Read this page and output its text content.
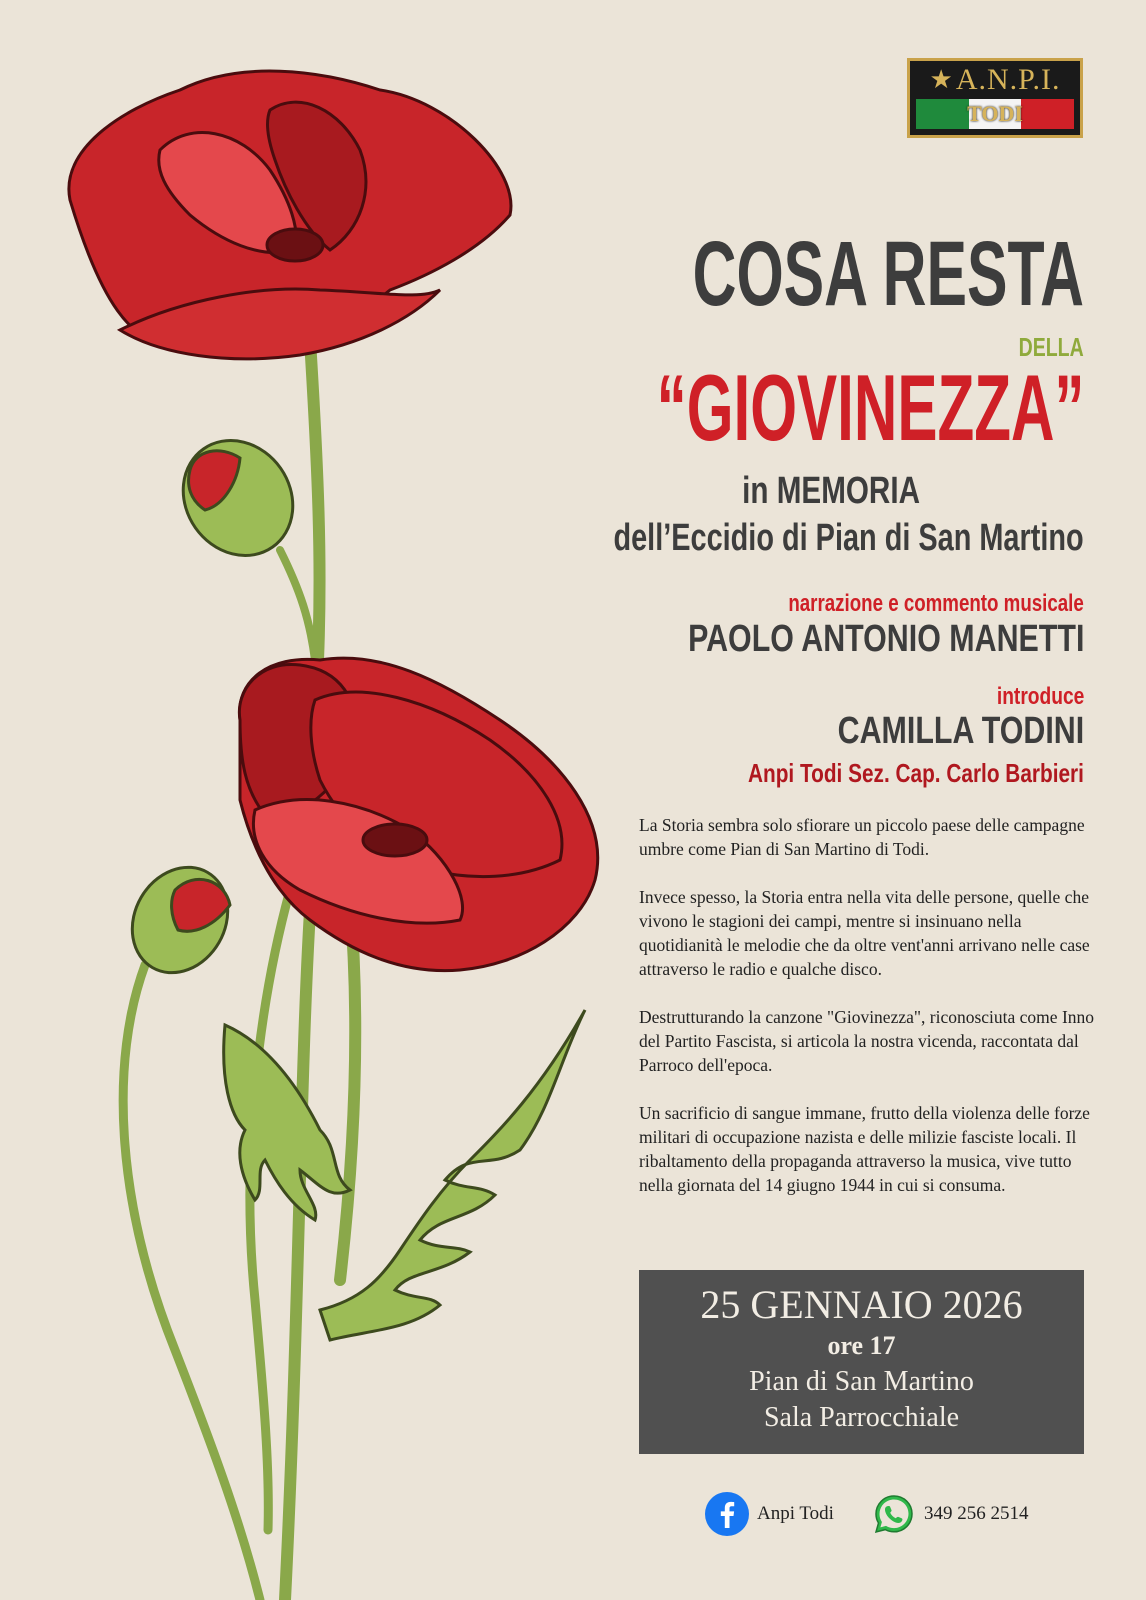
★ A.N.P.I.
TODI
COSA RESTA
DELLA
“GIOVINEZZA”
in MEMORIA
dell’Eccidio di Pian di San Martino
narrazione e commento musicale
PAOLO ANTONIO MANETTI
introduce
CAMILLA TODINI
Anpi Todi Sez. Cap. Carlo Barbieri

La Storia sembra solo sfiorare un piccolo paese delle campagne umbre come Pian di San Martino di Todi.

Invece spesso, la Storia entra nella vita delle persone, quelle che vivono le stagioni dei campi, mentre si insinuano nella quotidianità le melodie che da oltre vent'anni arrivano nelle case attraverso le radio e qualche disco.

Destrutturando la canzone "Giovinezza", riconosciuta come Inno del Partito Fascista, si articola la nostra vicenda, raccontata dal Parroco dell'epoca.

Un sacrificio di sangue immane, frutto della violenza delle forze militari di occupazione nazista e delle milizie fasciste locali. Il ribaltamento della propaganda attraverso la musica, vive tutto nella giornata del 14 giugno 1944 in cui si consuma.

25 GENNAIO 2026
ore 17
Pian di San Martino
Sala Parrocchiale
Anpi Todi	349 256 2514
